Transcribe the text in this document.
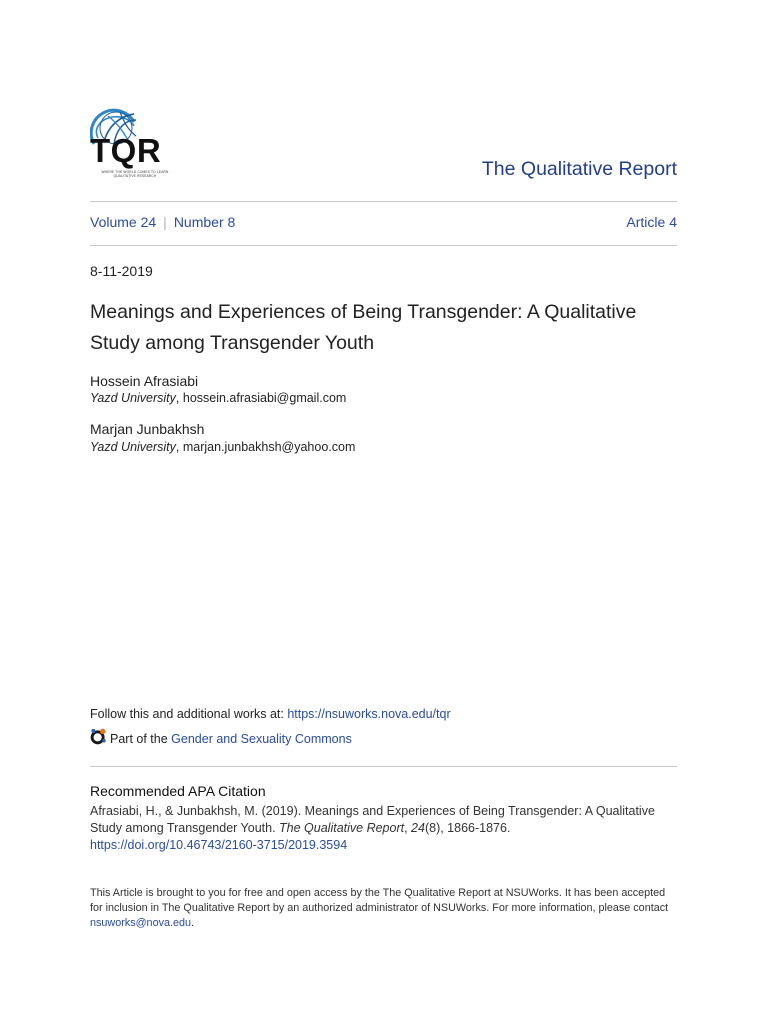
TQR
WHERE THE WORLD COMES TO LEARN QUALITATIVE RESEARCH	The Qualitative Report
Volume 24 | Number 8	Article 4
8-11-2019
Meanings and Experiences of Being Transgender: A Qualitative Study among Transgender Youth
Hossein Afrasiabi
Yazd University, hossein.afrasiabi@gmail.com
Marjan Junbakhsh
Yazd University, marjan.junbakhsh@yahoo.com
Follow this and additional works at: https://nsuworks.nova.edu/tqr
Part of the
Gender and Sexuality Commons
Recommended APA Citation
Afrasiabi, H., & Junbakhsh, M. (2019). Meanings and Experiences of Being Transgender: A Qualitative Study among Transgender Youth. The Qualitative Report, 24(8), 1866-1876. https://doi.org/10.46743/2160-3715/2019.3594
This Article is brought to you for free and open access by the The Qualitative Report at NSUWorks. It has been accepted for inclusion in The Qualitative Report by an authorized administrator of NSUWorks. For more information, please contact nsuworks@nova.edu.
